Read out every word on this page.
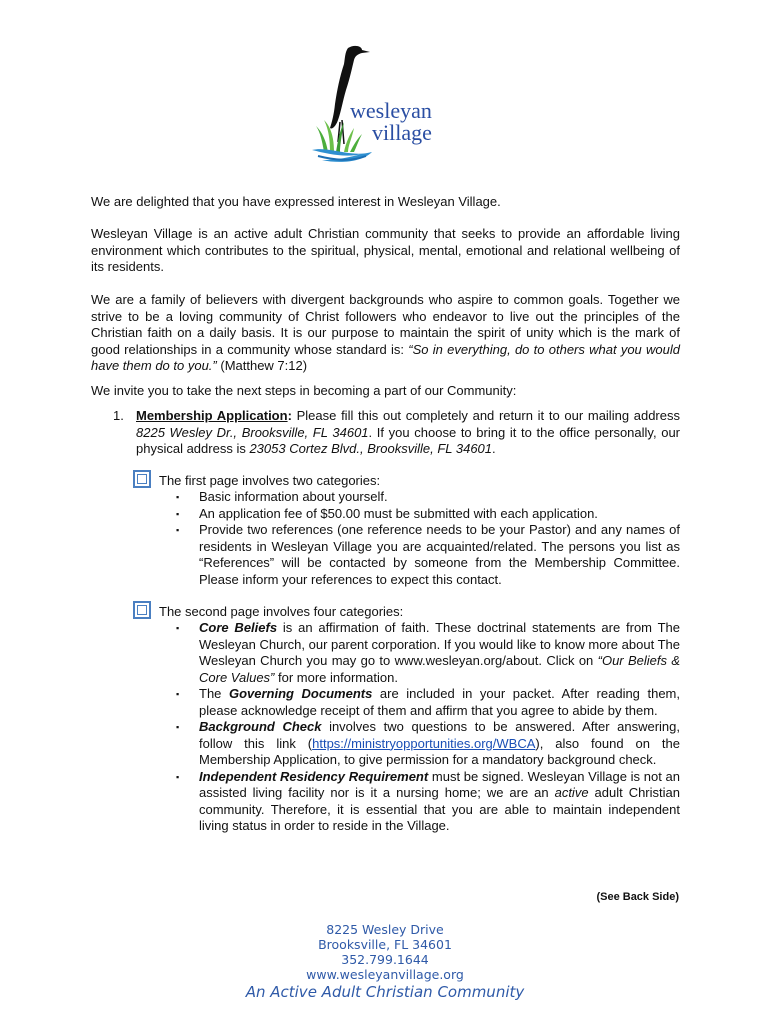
wesleyan
village

We are delighted that you have expressed interest in Wesleyan Village.

Wesleyan Village is an active adult Christian community that seeks to provide an affordable living environment which contributes to the spiritual, physical, mental, emotional and relational wellbeing of its residents.

We are a family of believers with divergent backgrounds who aspire to common goals. Together we strive to be a loving community of Christ followers who endeavor to live out the principles of the Christian faith on a daily basis. It is our purpose to maintain the spirit of unity which is the mark of good relationships in a community whose standard is: “So in everything, do to others what you would have them do to you.” (Matthew 7:12)

We invite you to take the next steps in becoming a part of our Community:

1. Membership Application: Please fill this out completely and return it to our mailing address 8225 Wesley Dr., Brooksville, FL 34601. If you choose to bring it to the office personally, our physical address is 23053 Cortez Blvd., Brooksville, FL 34601.

The first page involves two categories:

▪ Basic information about yourself.
▪ An application fee of $50.00 must be submitted with each application.
▪ Provide two references (one reference needs to be your Pastor) and any names of residents in Wesleyan Village you are acquainted/related. The persons you list as “References” will be contacted by someone from the Membership Committee. Please inform your references to expect this contact.

The second page involves four categories:

▪ Core Beliefs is an affirmation of faith. These doctrinal statements are from The Wesleyan Church, our parent corporation. If you would like to know more about The Wesleyan Church you may go to www.wesleyan.org/about. Click on “Our Beliefs & Core Values” for more information.
▪ The Governing Documents are included in your packet. After reading them, please acknowledge receipt of them and affirm that you agree to abide by them.
▪ Background Check involves two questions to be answered. After answering, follow this link (https://ministryopportunities.org/WBCA), also found on the Membership Application, to give permission for a mandatory background check.
▪ Independent Residency Requirement must be signed. Wesleyan Village is not an assisted living facility nor is it a nursing home; we are an active adult Christian community. Therefore, it is essential that you are able to maintain independent living status in order to reside in the Village.
(See Back Side)
8225 Wesley Drive
Brooksville, FL 34601
352.799.1644
www.wesleyanvillage.org
An Active Adult Christian Community
